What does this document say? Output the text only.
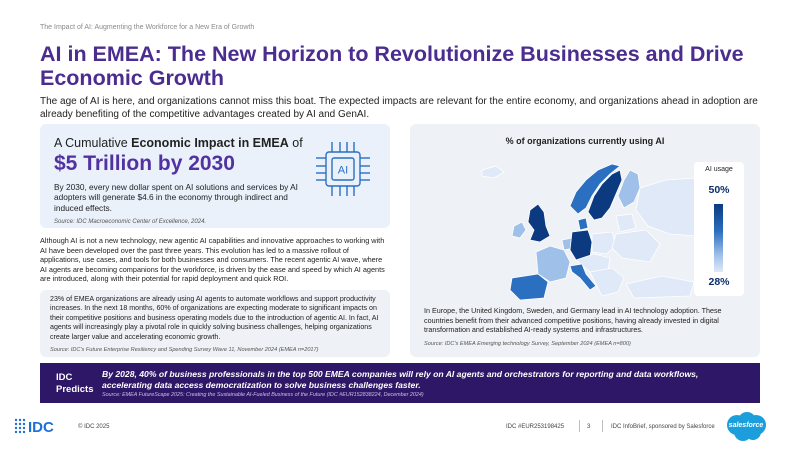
The Impact of AI: Augmenting the Workforce for a New Era of Growth
AI in EMEA: The New Horizon to Revolutionize Businesses and Drive Economic Growth

The age of AI is here, and organizations cannot miss this boat. The expected impacts are relevant for the entire economy, and organizations ahead in adoption are already benefiting of the competitive advantages created by AI and GenAI.

A Cumulative Economic Impact in EMEA of
$5 Trillion by 2030

By 2030, every new dollar spent on AI solutions and services by AI adopters will generate $4.6 in the economy through indirect and induced effects.

Source: IDC Macroeconomic Center of Excellence, 2024.
AI

Although AI is not a new technology, new agentic AI capabilities and innovative approaches to working with AI have been developed over the past three years. This evolution has led to a massive rollout of applications, use cases, and tools for both businesses and consumers. The recent agentic AI wave, where AI agents are becoming companions for the workforce, is driven by the ease and speed by which AI agents are introduced, along with their potential for rapid deployment and quick ROI.

23% of EMEA organizations are already using AI agents to automate workflows and support productivity increases. In the next 18 months, 60% of organizations are expecting moderate to significant impacts on their competitive positions and business operating models due to the introduction of agentic AI. In fact, AI agents will increasingly play a pivotal role in quickly solving business challenges, helping organizations create larger value and accelerating economic growth.

Source: IDC's Future Enterprise Resiliency and Spending Survey Wave 11, November 2024 (EMEA n=2017)
% of organizations currently using AI
AI usage
50%
28%

In Europe, the United Kingdom, Sweden, and Germany lead in AI technology adoption. These countries benefit from their advanced competitive positions, having already invested in digital transformation and established AI-ready systems and infrastructures.

Source: IDC's EMEA Emerging technology Survey, September 2024 (EMEA n=800)
IDC Predicts

By 2028, 40% of business professionals in the top 500 EMEA companies will rely on AI agents and orchestrators for reporting and data workflows, accelerating data access democratization to solve business challenges faster.

Source: EMEA FutureScape 2025: Creating the Sustainable AI-Fueled Business of the Future (IDC #EUR152838224, December 2024)
IDC	© IDC 2025	IDC #EUR253198425	3	IDC InfoBrief, sponsored by Salesforce	salesforce
